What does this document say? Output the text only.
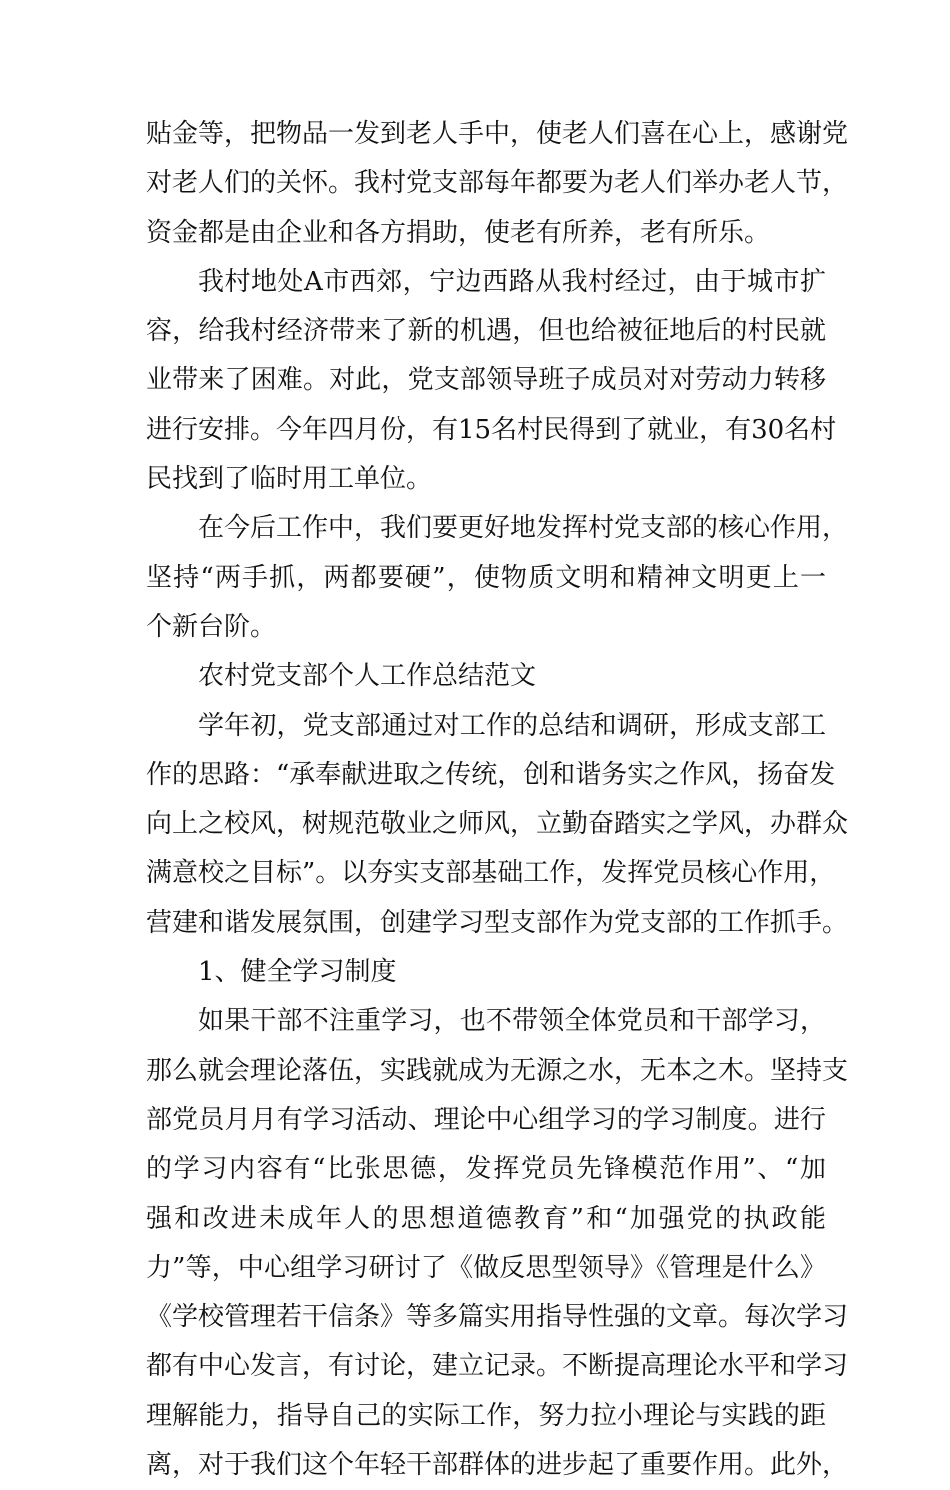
贴金等，把物品一发到老人手中，使老人们喜在心上，感谢党
对老人们的关怀。我村党支部每年都要为老人们举办老人节，
资金都是由企业和各方捐助，使老有所养，老有所乐。
我村地处A市西郊，宁边西路从我村经过，由于城市扩
容，给我村经济带来了新的机遇，但也给被征地后的村民就
业带来了困难。对此，党支部领导班子成员对对劳动力转移
进行安排。今年四月份，有15名村民得到了就业，有30名村
民找到了临时用工单位。
在今后工作中，我们要更好地发挥村党支部的核心作用，
坚持“两手抓，两都要硬”，使物质文明和精神文明更上一
个新台阶。
农村党支部个人工作总结范文
学年初，党支部通过对工作的总结和调研，形成支部工
作的思路：“承奉献进取之传统，创和谐务实之作风，扬奋发
向上之校风，树规范敬业之师风，立勤奋踏实之学风，办群众
满意校之目标”。以夯实支部基础工作，发挥党员核心作用，
营建和谐发展氛围，创建学习型支部作为党支部的工作抓手。
1、健全学习制度
如果干部不注重学习，也不带领全体党员和干部学习，
那么就会理论落伍，实践就成为无源之水，无本之木。坚持支
部党员月月有学习活动、理论中心组学习的学习制度。进行
的学习内容有“比张思德，发挥党员先锋模范作用”、“加
强和改进未成年人的思想道德教育”和“加强党的执政能
力”等，中心组学习研讨了《做反思型领导》《管理是什么》
《学校管理若干信条》等多篇实用指导性强的文章。每次学习
都有中心发言，有讨论，建立记录。不断提高理论水平和学习
理解能力，指导自己的实际工作，努力拉小理论与实践的距
离，对于我们这个年轻干部群体的进步起了重要作用。此外，
